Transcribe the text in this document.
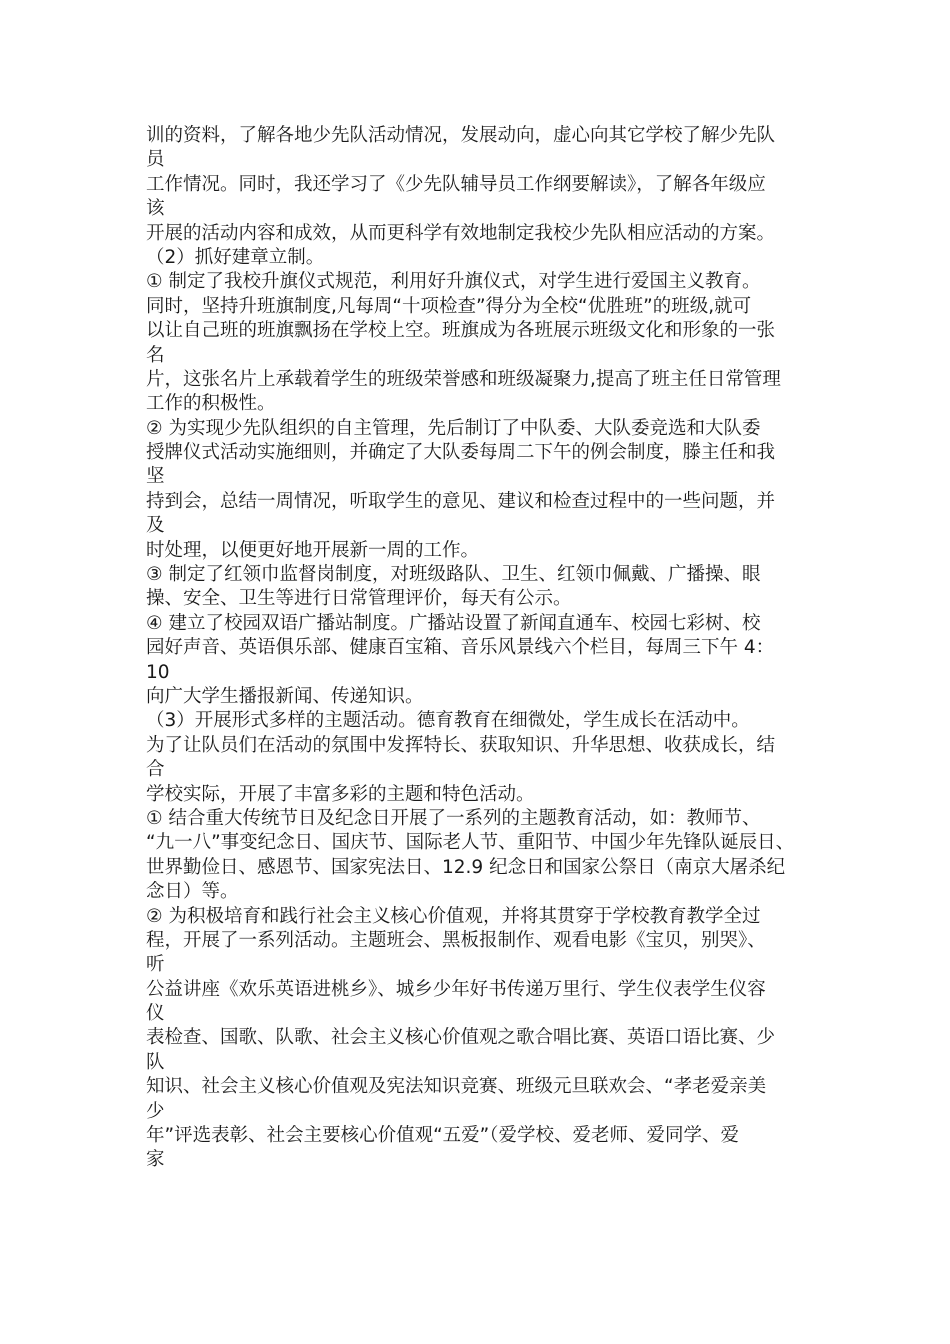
训的资料，了解各地少先队活动情况，发展动向，虚心向其它学校了解少先队
员
工作情况。同时，我还学习了《少先队辅导员工作纲要解读》，了解各年级应
该
开展的活动内容和成效，从而更科学有效地制定我校少先队相应活动的方案。
（2）抓好建章立制。
① 制定了我校升旗仪式规范，利用好升旗仪式，对学生进行爱国主义教育。
同时，坚持升班旗制度,凡每周“十项检查”得分为全校“优胜班”的班级,就可
以让自己班的班旗飘扬在学校上空。班旗成为各班展示班级文化和形象的一张
名
片，这张名片上承载着学生的班级荣誉感和班级凝聚力,提高了班主任日常管理
工作的积极性。
② 为实现少先队组织的自主管理，先后制订了中队委、大队委竞选和大队委
授牌仪式活动实施细则，并确定了大队委每周二下午的例会制度，滕主任和我
坚
持到会，总结一周情况，听取学生的意见、建议和检查过程中的一些问题，并
及
时处理，以便更好地开展新一周的工作。
③ 制定了红领巾监督岗制度，对班级路队、卫生、红领巾佩戴、广播操、眼
操、安全、卫生等进行日常管理评价，每天有公示。
④ 建立了校园双语广播站制度。广播站设置了新闻直通车、校园七彩树、校
园好声音、英语俱乐部、健康百宝箱、音乐风景线六个栏目，每周三下午 4：
10
向广大学生播报新闻、传递知识。
（3）开展形式多样的主题活动。德育教育在细微处，学生成长在活动中。
为了让队员们在活动的氛围中发挥特长、获取知识、升华思想、收获成长，结
合
学校实际，开展了丰富多彩的主题和特色活动。
① 结合重大传统节日及纪念日开展了一系列的主题教育活动，如：教师节、
“九一八”事变纪念日、国庆节、国际老人节、重阳节、中国少年先锋队诞辰日、
世界勤俭日、感恩节、国家宪法日、12.9 纪念日和国家公祭日（南京大屠杀纪
念日）等。
② 为积极培育和践行社会主义核心价值观，并将其贯穿于学校教育教学全过
程，开展了一系列活动。主题班会、黑板报制作、观看电影《宝贝，别哭》、
听
公益讲座《欢乐英语进桃乡》、城乡少年好书传递万里行、学生仪表学生仪容
仪
表检查、国歌、队歌、社会主义核心价值观之歌合唱比赛、英语口语比赛、少
队
知识、社会主义核心价值观及宪法知识竞赛、班级元旦联欢会、“孝老爱亲美
少
年”评选表彰、社会主要核心价值观“五爱”（爱学校、爱老师、爱同学、爱
家
